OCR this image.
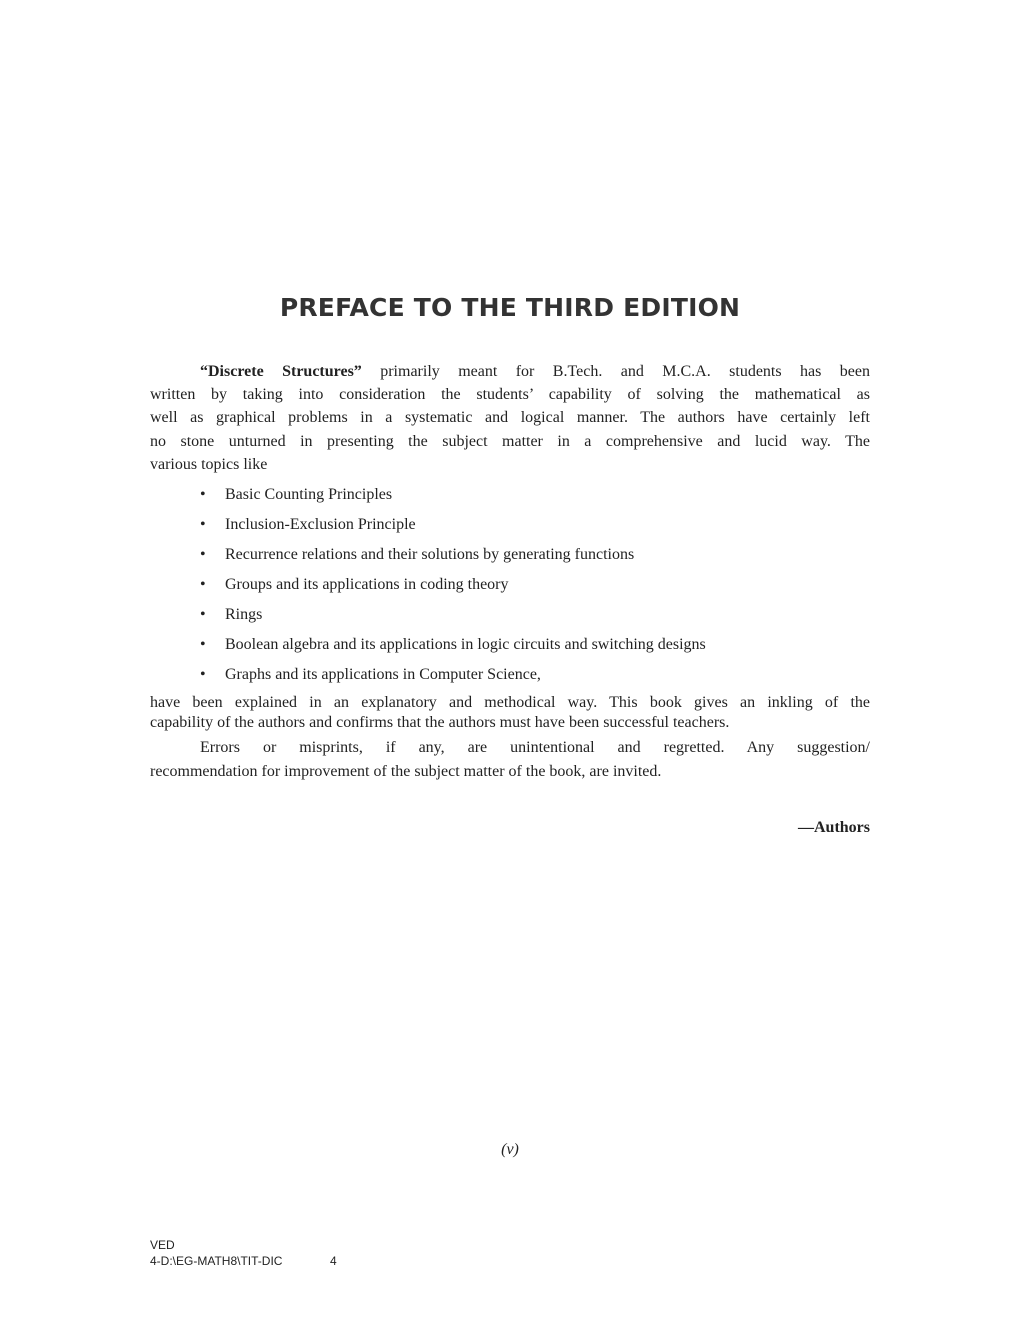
PREFACE TO THE THIRD EDITION
“Discrete Structures” primarily meant for B.Tech. and M.C.A. students has been
written by taking into consideration the students’ capability of solving the mathematical as
well as graphical problems in a systematic and logical manner. The authors have certainly left
no stone unturned in presenting the subject matter in a comprehensive and lucid way. The
various topics like
• Basic Counting Principles
• Inclusion-Exclusion Principle
• Recurrence relations and their solutions by generating functions
• Groups and its applications in coding theory
• Rings
• Boolean algebra and its applications in logic circuits and switching designs
• Graphs and its applications in Computer Science,
have been explained in an explanatory and methodical way. This book gives an inkling of the
capability of the authors and confirms that the authors must have been successful teachers.
Errors or misprints, if any, are unintentional and regretted. Any suggestion/
recommendation for improvement of the subject matter of the book, are invited.
—Authors
(v)
VED
4-D:\EG-MATH8\TIT-DIC	4
